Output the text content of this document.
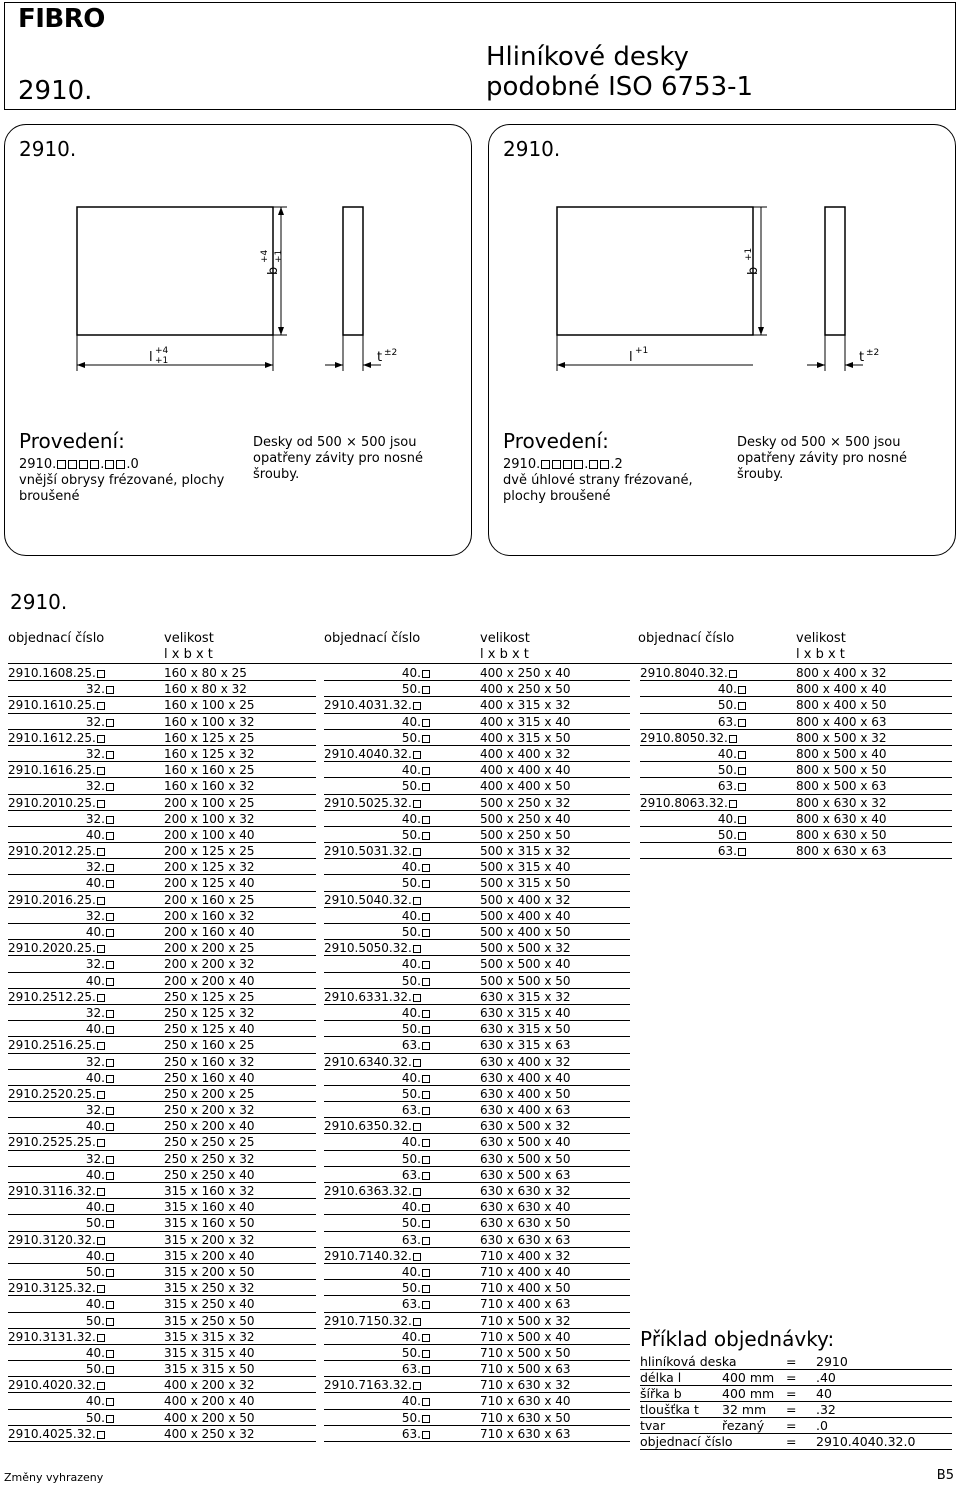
FIBRO
2910.
Hliníkové desky
podobné ISO 6753-1
2910.
b
+4 +1
l +4
+1	t ±2
Provedení:
2910.	. .0
vnější obrysy frézované, plochy broušené
Desky od 500 × 500 jsou opatřeny závity pro nosné šrouby.
2910.
b
+1
l +1	t ±2
Provedení:
2910.	. .2
dvě úhlové strany frézované, plochy broušené
Desky od 500 × 500 jsou opatřeny závity pro nosné šrouby.
2910.
objednací číslo	velikost
l x b x t
objednací číslo	velikost
l x b x t
objednací číslo	velikost
l x b x t
2910.1608.25.	160 x 80 x 25
32.	160 x 80 x 32
2910.1610.25.	160 x 100 x 25
32.	160 x 100 x 32
2910.1612.25.	160 x 125 x 25
32.	160 x 125 x 32
2910.1616.25.	160 x 160 x 25
32.	160 x 160 x 32
2910.2010.25.	200 x 100 x 25
32.	200 x 100 x 32
40.	200 x 100 x 40
2910.2012.25.	200 x 125 x 25
32.	200 x 125 x 32
40.	200 x 125 x 40
2910.2016.25.	200 x 160 x 25
32.	200 x 160 x 32
40.	200 x 160 x 40
2910.2020.25.	200 x 200 x 25
32.	200 x 200 x 32
40.	200 x 200 x 40
2910.2512.25.	250 x 125 x 25
32.	250 x 125 x 32
40.	250 x 125 x 40
2910.2516.25.	250 x 160 x 25
32.	250 x 160 x 32
40.	250 x 160 x 40
2910.2520.25.	250 x 200 x 25
32.	250 x 200 x 32
40.	250 x 200 x 40
2910.2525.25.	250 x 250 x 25
32.	250 x 250 x 32
40.	250 x 250 x 40
2910.3116.32.	315 x 160 x 32
40.	315 x 160 x 40
50.	315 x 160 x 50
2910.3120.32.	315 x 200 x 32
40.	315 x 200 x 40
50.	315 x 200 x 50
2910.3125.32.	315 x 250 x 32
40.	315 x 250 x 40
50.	315 x 250 x 50
2910.3131.32.	315 x 315 x 32
40.	315 x 315 x 40
50.	315 x 315 x 50
2910.4020.32.	400 x 200 x 32
40.	400 x 200 x 40
50.	400 x 200 x 50
2910.4025.32.	400 x 250 x 32
40.	400 x 250 x 40
50.	400 x 250 x 50
2910.4031.32.	400 x 315 x 32
40.	400 x 315 x 40
50.	400 x 315 x 50
2910.4040.32.	400 x 400 x 32
40.	400 x 400 x 40
50.	400 x 400 x 50
2910.5025.32.	500 x 250 x 32
40.	500 x 250 x 40
50.	500 x 250 x 50
2910.5031.32.	500 x 315 x 32
40.	500 x 315 x 40
50.	500 x 315 x 50
2910.5040.32.	500 x 400 x 32
40.	500 x 400 x 40
50.	500 x 400 x 50
2910.5050.32.	500 x 500 x 32
40.	500 x 500 x 40
50.	500 x 500 x 50
2910.6331.32.	630 x 315 x 32
40.	630 x 315 x 40
50.	630 x 315 x 50
63.	630 x 315 x 63
2910.6340.32.	630 x 400 x 32
40.	630 x 400 x 40
50.	630 x 400 x 50
63.	630 x 400 x 63
2910.6350.32.	630 x 500 x 32
40.	630 x 500 x 40
50.	630 x 500 x 50
63.	630 x 500 x 63
2910.6363.32.	630 x 630 x 32
40.	630 x 630 x 40
50.	630 x 630 x 50
63.	630 x 630 x 63
2910.7140.32.	710 x 400 x 32
40.	710 x 400 x 40
50.	710 x 400 x 50
63.	710 x 400 x 63
2910.7150.32.	710 x 500 x 32
40.	710 x 500 x 40
50.	710 x 500 x 50
63.	710 x 500 x 63
2910.7163.32.	710 x 630 x 32
40.	710 x 630 x 40
50.	710 x 630 x 50
63.	710 x 630 x 63
2910.8040.32.	800 x 400 x 32
40.	800 x 400 x 40
50.	800 x 400 x 50
63.	800 x 400 x 63
2910.8050.32.	800 x 500 x 32
40.	800 x 500 x 40
50.	800 x 500 x 50
63.	800 x 500 x 63
2910.8063.32.	800 x 630 x 32
40.	800 x 630 x 40
50.	800 x 630 x 50
63.	800 x 630 x 63
Příklad objednávky:
hliníková deska	= 2910
délka l	400 mm = .40
šířka b	400 mm = 40
tloušťka t 32 mm = .32
tvar	řezaný = .0
objednací číslo	= 2910.4040.32.0
Změny vyhrazeny	B5
